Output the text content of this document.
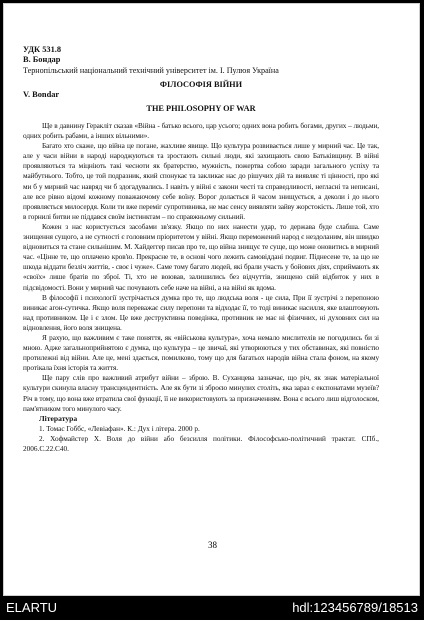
УДК 531.8
В. Бондар
Тернопільський національний технічний університет ім. І. Пулюя Україна
ФІЛОСОФІЯ ВІЙНИ
V. Bondar
THE PHILOSOPHY OF WAR

Ще в давнину Геракліт сказав «Війна - батько всього, цар усього; одних вона робить богами, других – людьми, одних робить рабами, а інших вільними».

Багато хто скаже, що війна це погане, жахливе явище. Що культура розвивається лише у мирний час. Це так, але у часи війни в народі народжуються та зростають сильні люди, які захищають свою Батьківщину. В війні проявляються та міцніють такі чесноти як братерство, мужність, пожертва собою заради загального успіху та майбутнього. Тобто, це той подразник, який спонукає та закликає нас до рішучих дій та виявляє ті цінності, про які ми б у мирний час навряд чи б здогадувались. І навіть у війні є закони честі та справедливості, негласні та неписані, але все рівно відомі кожному поважаючому себе воїну. Ворог долається й часом знищується, а деколи і до нього проявляється милосердя. Коли ти вже переміг супротивника, не має сенсу виявляти зайву жорстокість. Лише той, хто в горнилі битви не піддався своїм інстинктам – по справжньому сильний.

Кожен з нас користується засобами зв'язку. Якщо по них нанести удар, то держава буде слабша. Саме знищення сущого, а не сутності є головним пріоритетом у війні. Якщо переможений народ є нездоланим, він швидко відновиться та стане сильнішим. М. Хайдеггер писав про те, що війна знищує те суще, що може оновитись в мирний час. «Цінне те, що оплачено кров'ю. Прекрасне те, в основі чого лежить самовіддані подвиг. Піднесене те, за що не шкода віддати безліч життів, - своє і чуже». Саме тому багато людей, які брали участь у бойових діях, сприймають як «своїх» лише братів по зброї. Ті, хто не воював, залишились без відчуттів, знищено свій відбиток у них в підсвідомості. Вони у мирний час почувають себе наче на війні, а на війні як вдома.

В філософії і психології зустрічається думка про те, що людська воля - це сила, При її зустрічі з перепоною виникає агон-сутичка. Якщо воля переважає силу перепони та відходає її, то тоді виникає насилля, яке влаштовують над противником. Це і є злом. Це вже деструктивна поведінка, противник не має ні фізичних, ні духовних сил на відновлення, його воля знищена.

Я рахую, що важливим є таке поняття, як «військова культура», хоча немало мислителів не погодились би зі мною. Адже загальноприйнятою є думка, що культура – це звичаї, які утворюються у тих обставинах, які повністю протилежні від війни. Але це, мені здається, помилково, тому що для багатьох народів війна стала фоном, на якому протікала їхня історія та життя.

Ще пару слів про важливий атрибут війни – зброю. В. Суханцева зазначає, що річ, як знак матеріальної культури скинула власну трансцендентність. Але як бути зі зброєю минулих століть, яка зараз є експонатами музеїв? Річ в тому, що вона вже втратила свої функції, її не використовують за призначенням. Вона є всього лиш відголоском, пам'ятником того минулого часу.

Література

1. Томас Гоббс, «Левіафан». К.: Дух і літера. 2000 р.

2. Хофмайстер Х. Воля до війни або безсилля політики. Філософсько-політичний трактат. СПб., 2006.С.22.С40.

38
ELARTU	hdl:123456789/18513
